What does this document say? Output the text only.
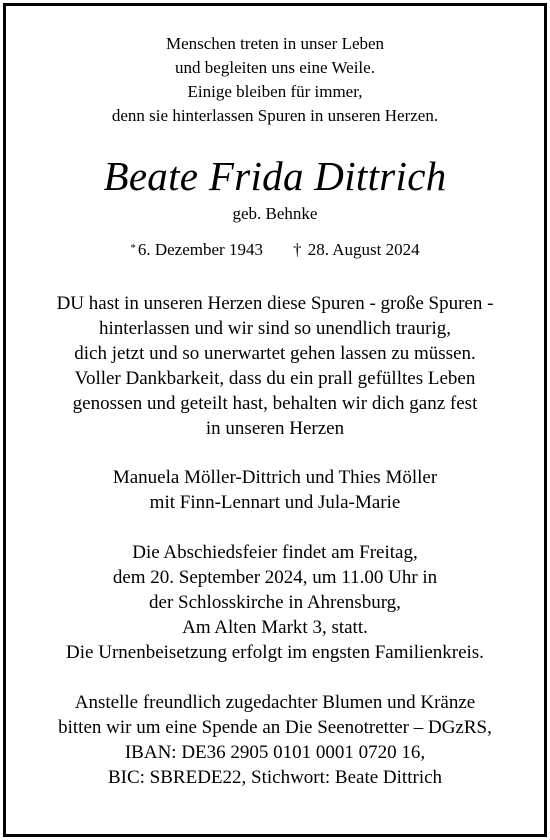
Menschen treten in unser Leben
und begleiten uns eine Weile.
Einige bleiben für immer,
denn sie hinterlassen Spuren in unseren Herzen.
Beate Frida Dittrich
geb. Behnke
* 6. Dezember 1943 † 28. August 2024
DU hast in unseren Herzen diese Spuren - große Spuren -
hinterlassen und wir sind so unendlich traurig,
dich jetzt und so unerwartet gehen lassen zu müssen.
Voller Dankbarkeit, dass du ein prall gefülltes Leben
genossen und geteilt hast, behalten wir dich ganz fest
in unseren Herzen
Manuela Möller-Dittrich und Thies Möller
mit Finn-Lennart und Jula-Marie
Die Abschiedsfeier findet am Freitag,
dem 20. September 2024, um 11.00 Uhr in
der Schlosskirche in Ahrensburg,
Am Alten Markt 3, statt.
Die Urnenbeisetzung erfolgt im engsten Familienkreis.
Anstelle freundlich zugedachter Blumen und Kränze
bitten wir um eine Spende an Die Seenotretter – DGzRS,
IBAN: DE36 2905 0101 0001 0720 16,
BIC: SBREDE22, Stichwort: Beate Dittrich
